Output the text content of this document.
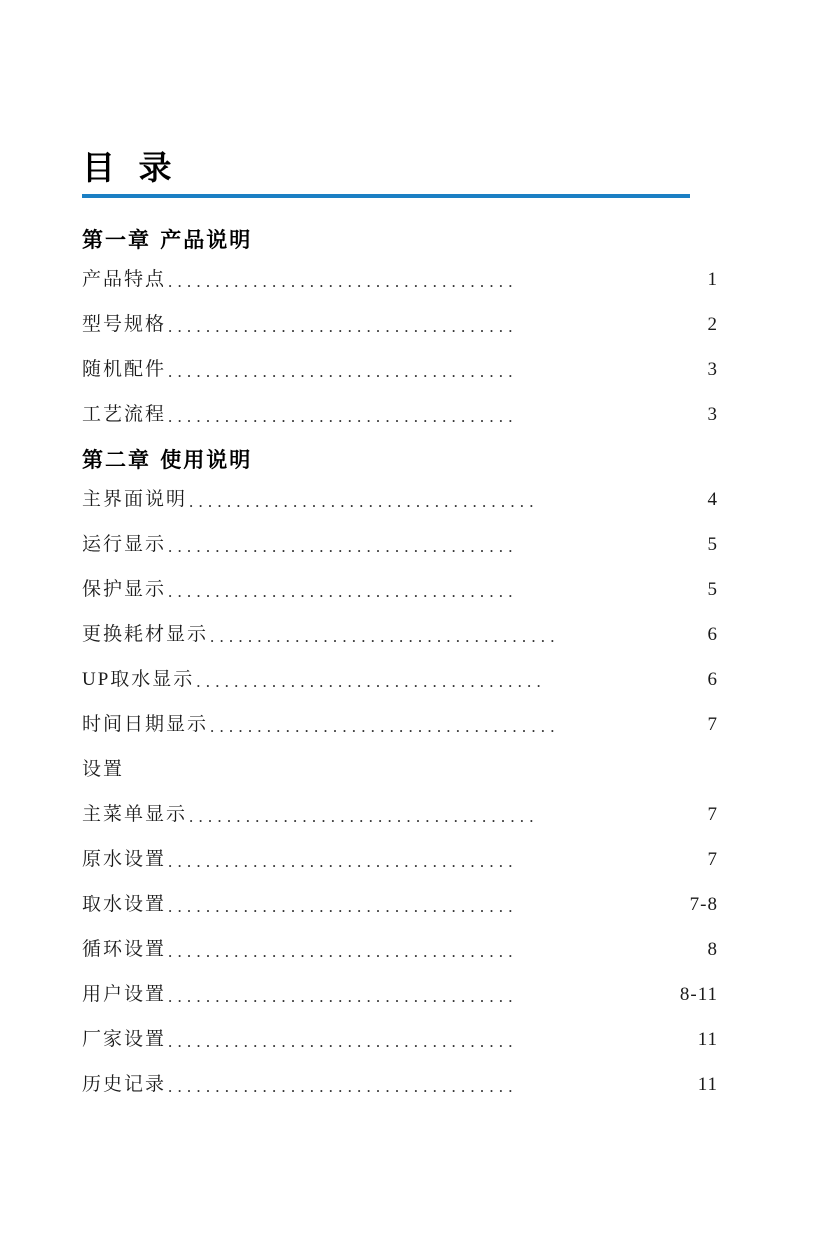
目 录
第一章 产品说明
产品特点 .....................................	1
型号规格 .....................................	2
随机配件 .....................................	3
工艺流程 .....................................	3
第二章 使用说明
主界面说明 .....................................	4
运行显示 .....................................	5
保护显示 .....................................	5
更换耗材显示 .....................................	6
UP取水显示 .....................................	6
时间日期显示 .....................................	7
设置
主菜单显示 .....................................	7
原水设置 .....................................	7
取水设置 .....................................	7-8
循环设置 .....................................	8
用户设置 .....................................	8-11
厂家设置 .....................................	11
历史记录 .....................................	11
